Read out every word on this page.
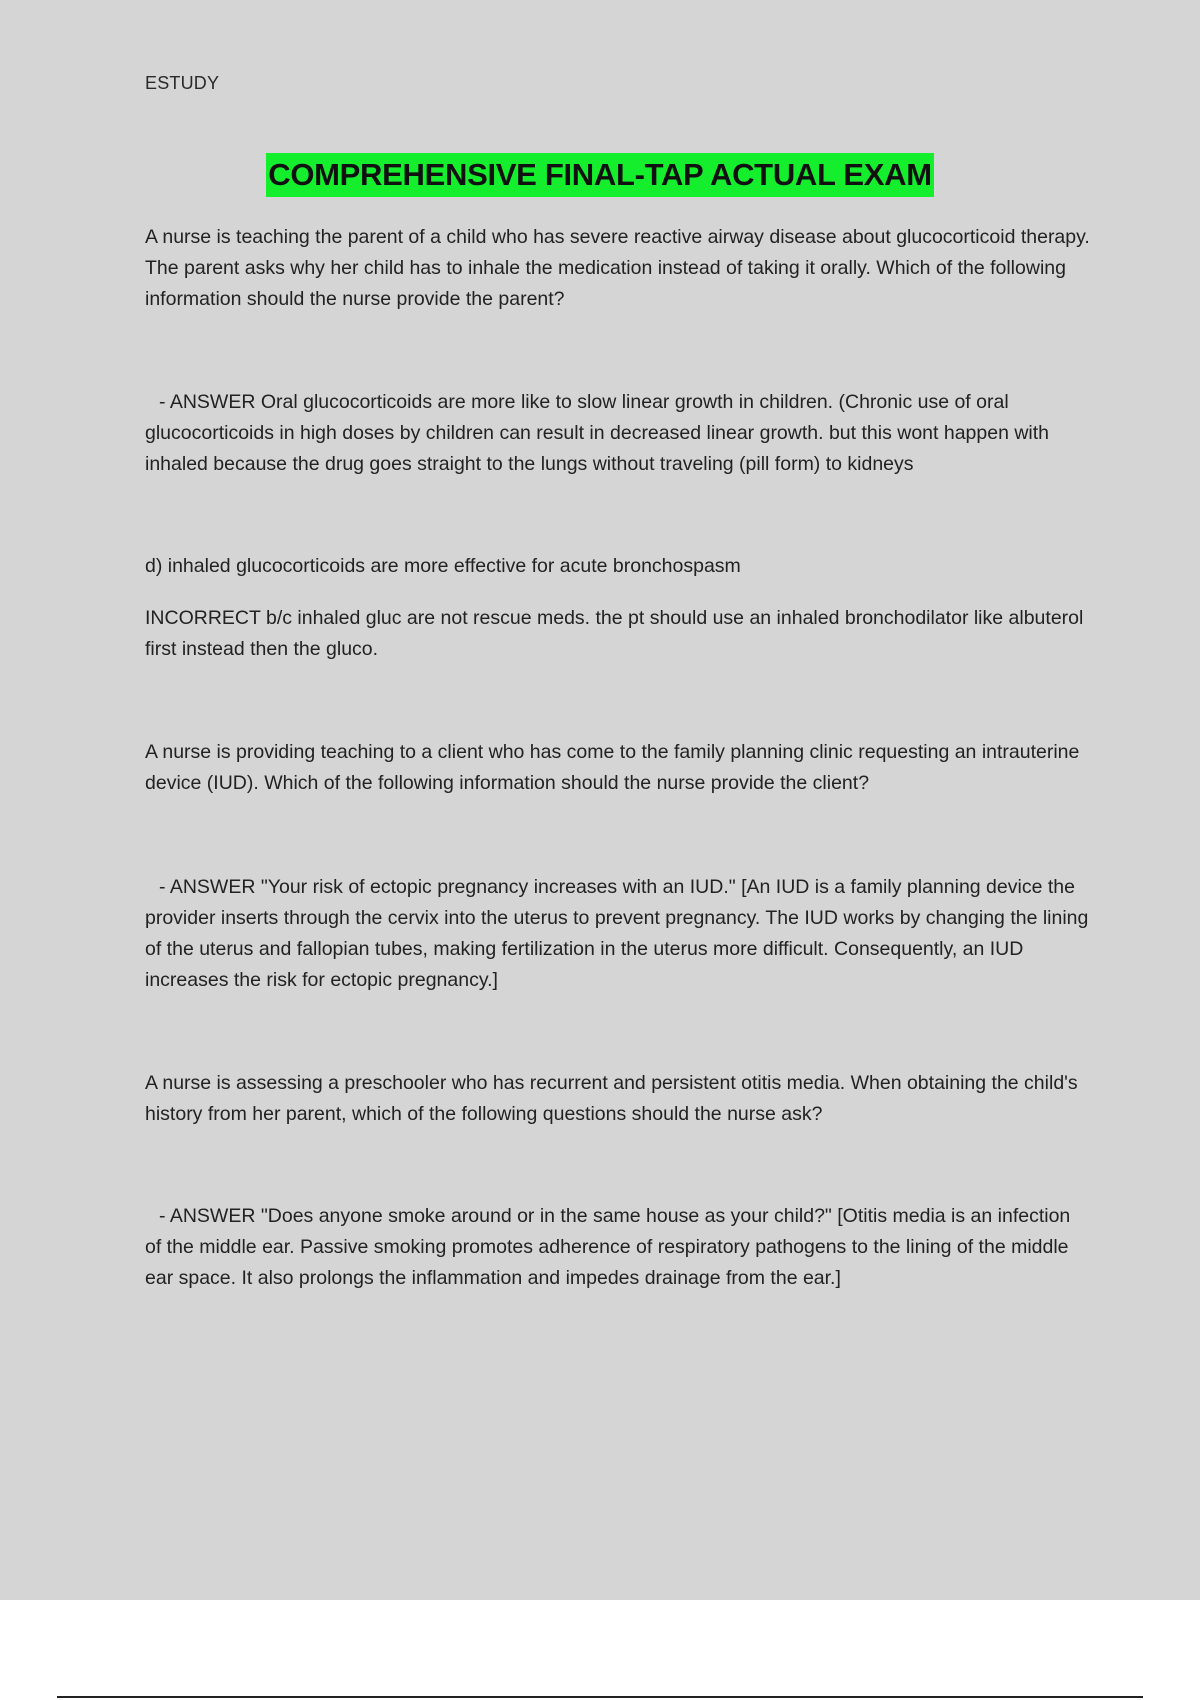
ESTUDY
COMPREHENSIVE FINAL-TAP ACTUAL EXAM
A nurse is teaching the parent of a child who has severe reactive airway disease about glucocorticoid therapy. The parent asks why her child has to inhale the medication instead of taking it orally. Which of the following information should the nurse provide the parent?
- ANSWER Oral glucocorticoids are more like to slow linear growth in children. (Chronic use of oral glucocorticoids in high doses by children can result in decreased linear growth. but this wont happen with inhaled because the drug goes straight to the lungs without traveling (pill form) to kidneys
d) inhaled glucocorticoids are more effective for acute bronchospasm
INCORRECT b/c inhaled gluc are not rescue meds. the pt should use an inhaled bronchodilator like albuterol first instead then the gluco.
A nurse is providing teaching to a client who has come to the family planning clinic requesting an intrauterine device (IUD). Which of the following information should the nurse provide the client?
- ANSWER "Your risk of ectopic pregnancy increases with an IUD." [An IUD is a family planning device the provider inserts through the cervix into the uterus to prevent pregnancy. The IUD works by changing the lining of the uterus and fallopian tubes, making fertilization in the uterus more difficult. Consequently, an IUD increases the risk for ectopic pregnancy.]
A nurse is assessing a preschooler who has recurrent and persistent otitis media. When obtaining the child's history from her parent, which of the following questions should the nurse ask?
- ANSWER "Does anyone smoke around or in the same house as your child?" [Otitis media is an infection of the middle ear. Passive smoking promotes adherence of respiratory pathogens to the lining of the middle ear space. It also prolongs the inflammation and impedes drainage from the ear.]
